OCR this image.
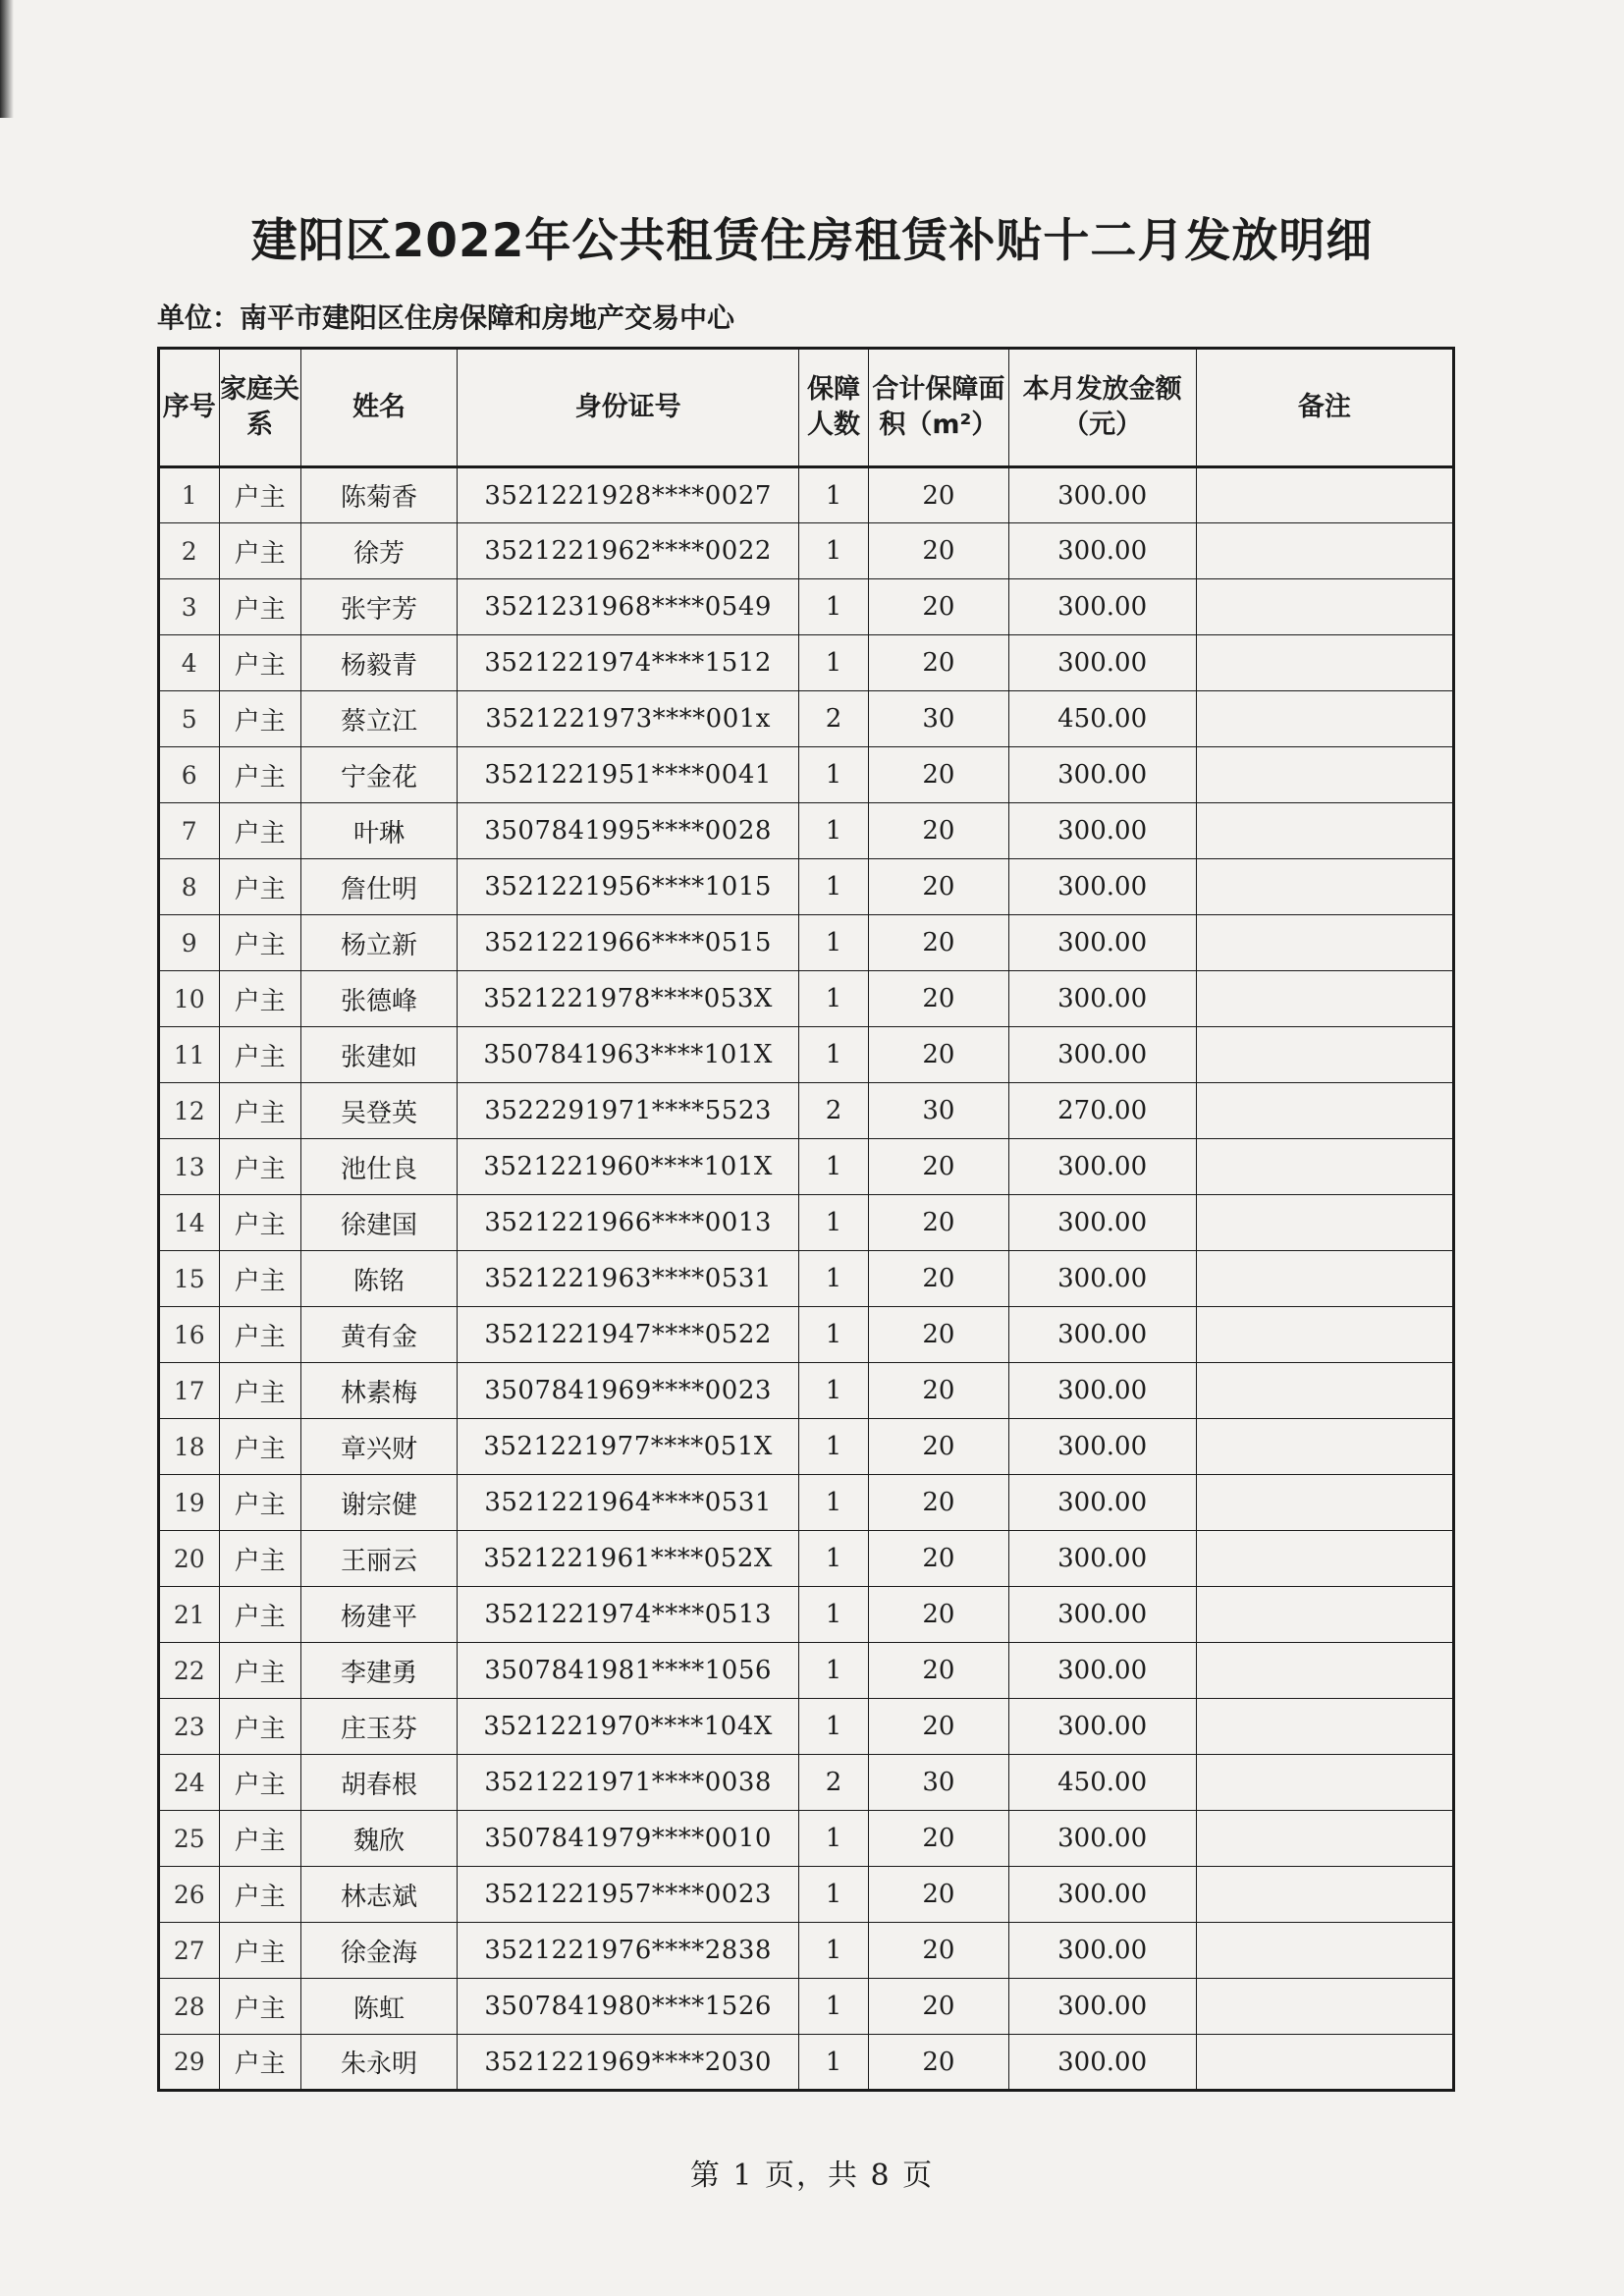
建阳区2022年公共租赁住房租赁补贴十二月发放明细
单位：南平市建阳区住房保障和房地产交易中心
序号	家庭关系	姓名	身份证号	保障人数	合计保障面积（m²）	本月发放金额（元）	备注
1	户主	陈菊香	3521221928****0027	1	20	300.00	
2	户主	徐芳	3521221962****0022	1	20	300.00	
3	户主	张宇芳	3521231968****0549	1	20	300.00	
4	户主	杨毅青	3521221974****1512	1	20	300.00	
5	户主	蔡立江	3521221973****001x	2	30	450.00	
6	户主	宁金花	3521221951****0041	1	20	300.00	
7	户主	叶琳	3507841995****0028	1	20	300.00	
8	户主	詹仕明	3521221956****1015	1	20	300.00	
9	户主	杨立新	3521221966****0515	1	20	300.00	
10	户主	张德峰	3521221978****053X	1	20	300.00	
11	户主	张建如	3507841963****101X	1	20	300.00	
12	户主	吴登英	3522291971****5523	2	30	270.00	
13	户主	池仕良	3521221960****101X	1	20	300.00	
14	户主	徐建国	3521221966****0013	1	20	300.00	
15	户主	陈铭	3521221963****0531	1	20	300.00	
16	户主	黄有金	3521221947****0522	1	20	300.00	
17	户主	林素梅	3507841969****0023	1	20	300.00	
18	户主	章兴财	3521221977****051X	1	20	300.00	
19	户主	谢宗健	3521221964****0531	1	20	300.00	
20	户主	王丽云	3521221961****052X	1	20	300.00	
21	户主	杨建平	3521221974****0513	1	20	300.00	
22	户主	李建勇	3507841981****1056	1	20	300.00	
23	户主	庄玉芬	3521221970****104X	1	20	300.00	
24	户主	胡春根	3521221971****0038	2	30	450.00	
25	户主	魏欣	3507841979****0010	1	20	300.00	
26	户主	林志斌	3521221957****0023	1	20	300.00	
27	户主	徐金海	3521221976****2838	1	20	300.00	
28	户主	陈虹	3507841980****1526	1	20	300.00	
29	户主	朱永明	3521221969****2030	1	20	300.00	
第 1 页，共 8 页
